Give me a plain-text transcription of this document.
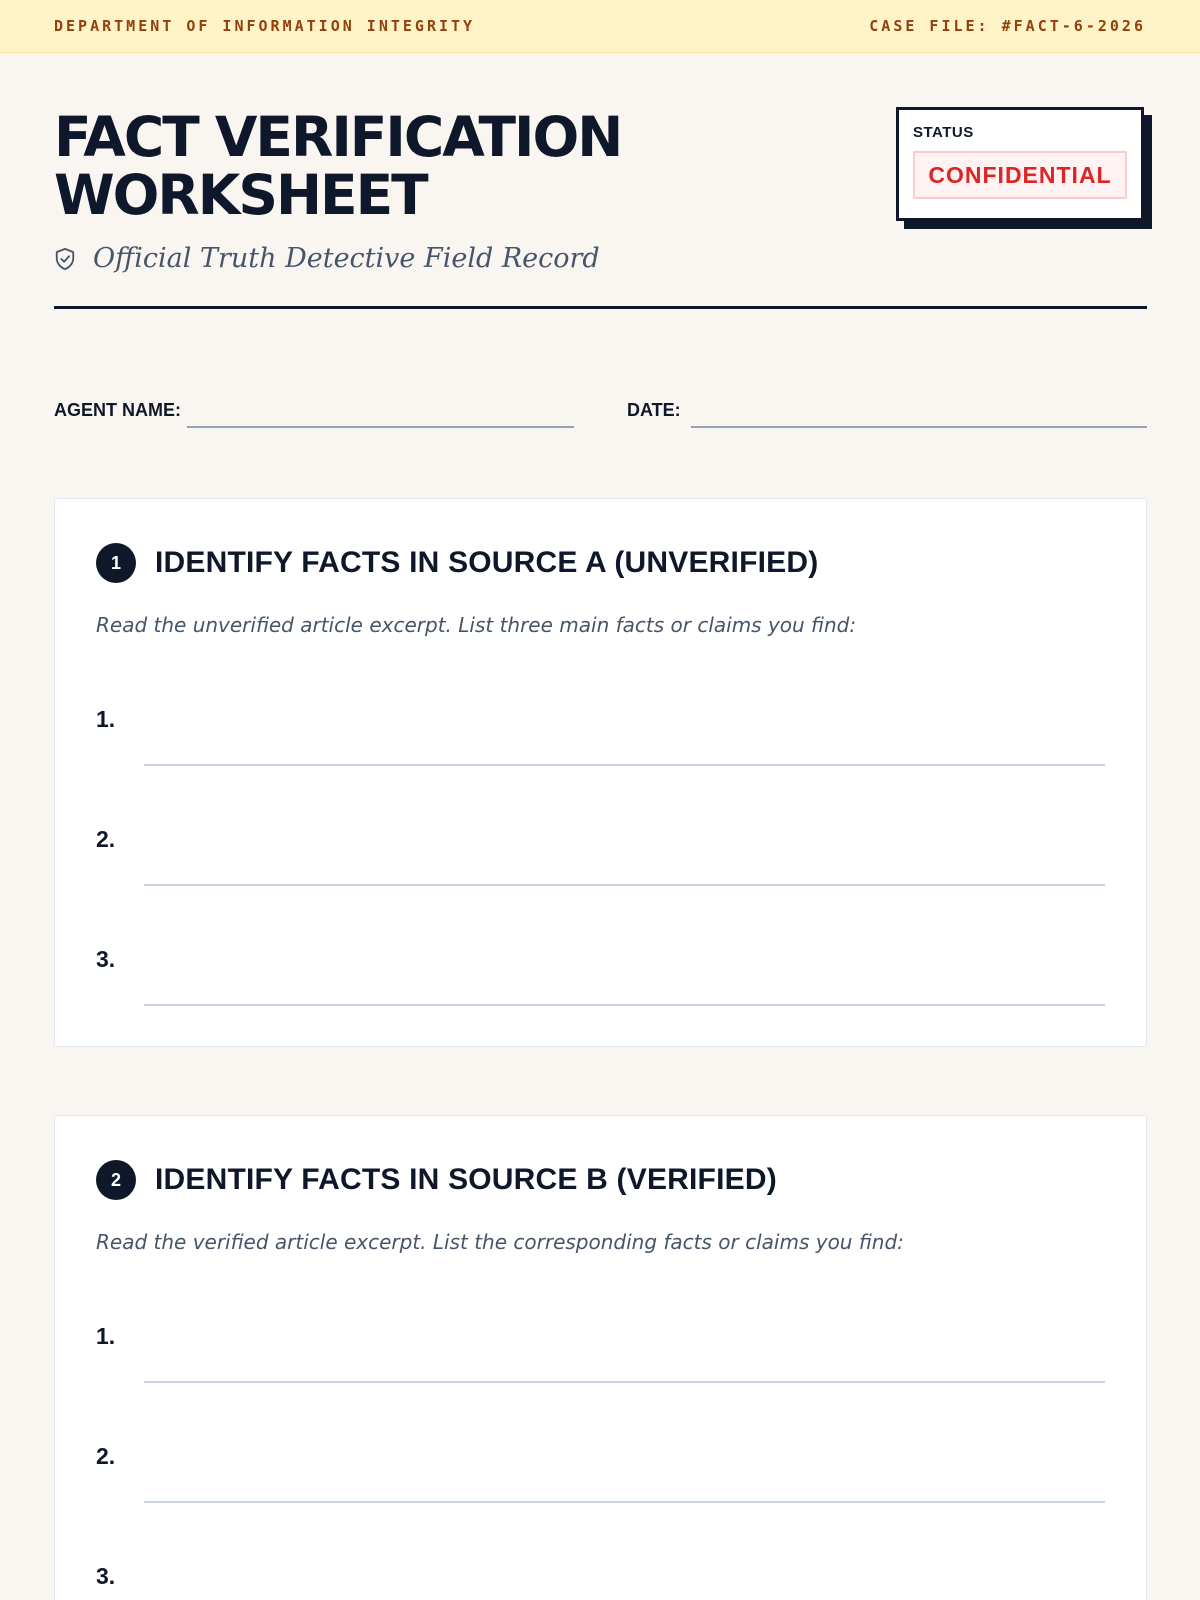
DEPARTMENT OF INFORMATION INTEGRITY	CASE FILE: #FACT-6-2026
FACT VERIFICATION
WORKSHEET
Official Truth Detective Field Record
STATUS
CONFIDENTIAL
AGENT NAME:	DATE:
1	IDENTIFY FACTS IN SOURCE A (UNVERIFIED)
Read the unverified article excerpt. List three main facts or claims you find:
1.
2.
3.
2	IDENTIFY FACTS IN SOURCE B (VERIFIED)
Read the verified article excerpt. List the corresponding facts or claims you find:
1.
2.
3.
